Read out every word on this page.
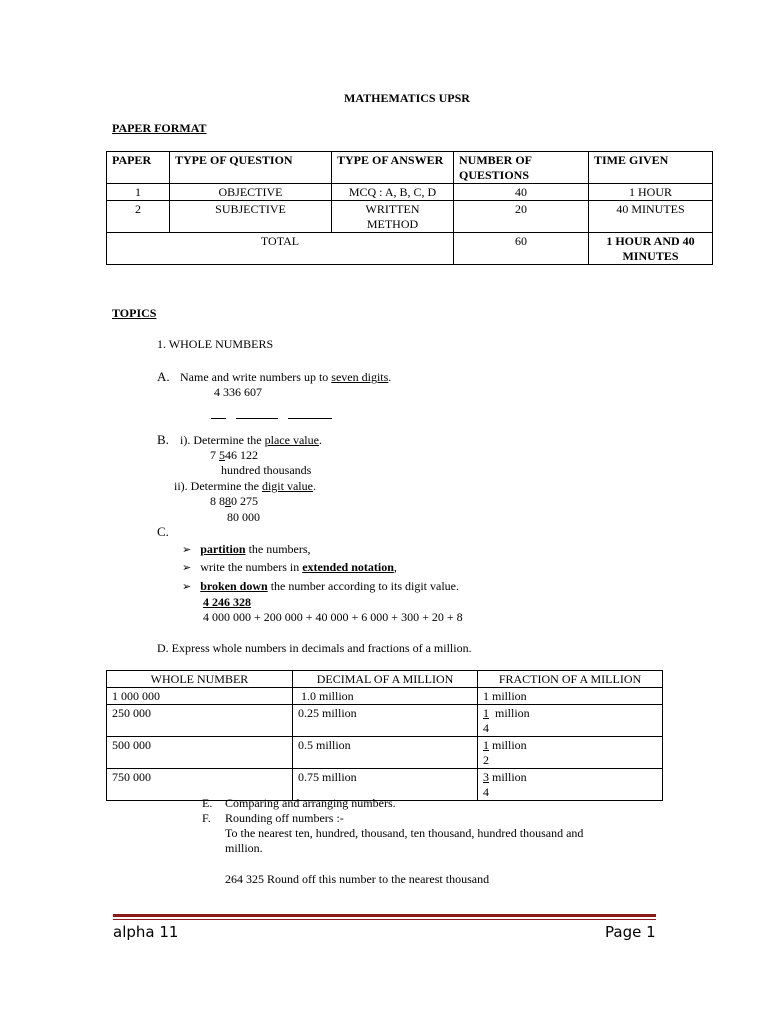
MATHEMATICS UPSR
PAPER FORMAT
PAPER	TYPE OF QUESTION	TYPE OF ANSWER	NUMBER OF QUESTIONS	TIME GIVEN
1	OBJECTIVE	MCQ : A, B, C, D	40	1 HOUR
2	SUBJECTIVE	WRITTEN METHOD	20	40 MINUTES
TOTAL			60	1 HOUR AND 40 MINUTES
TOPICS
1. WHOLE NUMBERS
A. Name and write numbers up to seven digits.
4 336 607
B. i). Determine the place value.
7 546 122
hundred thousands
ii). Determine the digit value.
8 880 275
80 000
C.
➢ partition the numbers,
➢ write the numbers in extended notation,
➢ broken down the number according to its digit value.
4 246 328
4 000 000 + 200 000 + 40 000 + 6 000 + 300 + 20 + 8
D. Express whole numbers in decimals and fractions of a million.
WHOLE NUMBER	DECIMAL OF A MILLION	FRACTION OF A MILLION
1 000 000	1.0 million	1 million
250 000	0.25 million	1  million
4
500 000	0.5 million	1 million
2
750 000	0.75 million	3 million
4
E. Comparing and arranging numbers.
F. Rounding off numbers :-
To the nearest ten, hundred, thousand, ten thousand, hundred thousand and
million.
264 325 Round off this number to the nearest thousand
alpha 11	Page 1
